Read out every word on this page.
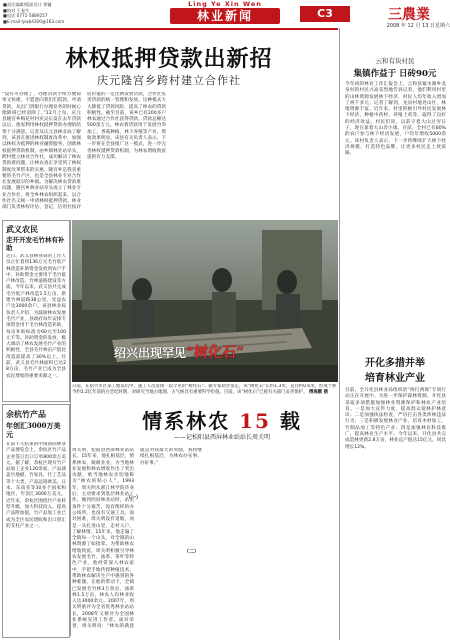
■责任编辑/版面设计 覃镛
■校对 王春生
■电话 0771-5889257
■E-mail:lywb4300@163.com
Ling Ye Xin Wen
林业新闻	C3	三農業
2008 年 12 月 13 日星期六
林权抵押贷款出新招
庆元隆宫乡跨村建立合作社
“没有可办理了，办理贷款手续方便简单又快捷，不愿意向我们们借款，申请贷款，从出门到银行办理业务的时候心理障碍已经消除了。”12月上旬，庆元县隆宫乡梅花村村民吴长发在去年贷款以后，他家利用林权抵押贷款办理的结果十分满意。记者从庆元县林业局了解到，该县在推进林权制度改革中，加强以林权为抵押的林业融资服务，创新林权抵押贷款机制，由乡镇林业站牵头，跨村建立林业合作社，成功解决了林农贷款难问题，让林农真正享受到了林权制度改革带来的实惠。隆宫乡是我省重要的毛竹产区，也是全县林业专业合作社发展较早的乡镇。为解决林农贷款难问题，隆宫乡林业站牵头成立了林业专业合作社，将全乡林农组织起来，以合作社名义统一申请林权抵押贷款。林业部门负责林权评估、登记，信用社按评估价值的一定比例发放贷款，合作社负责贷款的统一管理和发放。这种模式大大降低了贷款风险，提高了林农的贷款积极性。截至目前，该乡已有200多户林农通过合作社获得贷款，贷款总额达500余万元。林农将贷款用于发展竹笋加工、香菇种植、林下养殖等产业，增收效果明显。该县有关负责人表示，下一步将在全县推广这一模式，进一步完善林权抵押贷款机制，为林农增收致富提供有力支撑。
武义农民
走开开发毛竹林有补助
近日，武义县林业局的工作人员正忙着将136万元毛竹低产林改造补助资金发放到农户手中。补助资金主要用于毛竹低产林改造、竹林道路建设等方面。今年以来，武义县共完成毛竹低产林改造1.5万亩，新建竹林道路38公里，受益农户达3000余户。该县林业局负责人介绍，为鼓励林农发展毛竹产业，县政府每年安排专项资金用于毛竹林改造补助，每亩补助标准为60元至100元不等。补助资金的发放，极大调动了林农发展毛竹产业的积极性，全县毛竹林亩产值比改造前提高了30%以上。目前，武义县毛竹林面积已达28万亩，毛竹产业已成为全县农民增收的重要来源之一。
余杭竹产品
年创汇3000万美元
在前不久结束的中国国际林业产品博览会上，余杭区竹产品企业签订出口订单800余万美元。据了解，余杭区现有竹产品加工企业120余家，产品涵盖竹地板、竹家具、竹工艺品等十大类，产品远销欧美、日本、东南亚等30多个国家和地区，年创汇3000万美元。近年来，余杭区围绕竹产业转型升级，加大科技投入，提高产品附加值，竹产品加工业已成为全区农民增收和出口创汇的支柱产业之一。
绍兴出现罕见“树化石”
日前，在绍兴市区某工地基坑中，施工人员发现一段罕见的“树化石”。据专家初步鉴定，该“树化石”长约1.3米，直径约0.6米，形成于距今约1.2亿年前的白垩纪时期，对研究当地古地理、古气候具有重要科学价值。目前，该“树化石”已被有关部门妥善保护。 傅海鹏 摄
情系林农 15 载
——记松阳县西屏林业站站长周关明
（一）
（二）
周关明，松阳县西屏林业站站长。15年来，他扎根基层，情系林农，兢兢业业，为当地林业发展和林农增收作出了突出贡献，被当地林农亲切地称为“林农的贴心人”。1993年，周关明从浙江林学院毕业后，主动要求到基层林业站工作。刚到西屏林业站时，站里条件十分艰苦，没有像样的办公场所，也没有交通工具。面对困难，周关明没有退缩，而是一头扎进山里，走村入户，了解林情。15年来，他走遍了全镇每一个山头，对全镇的山林资源了如指掌。为帮助林农增收致富，周关明积极引导林农发展毛竹、油茶、茶叶等特色产业。他经常深入林农家中，手把手地传授种植技术，帮助林农解决生产中遇到的各种难题。在他的带动下，全镇已发展毛竹林3万余亩，油茶林1.5万亩，林农人均林业收入达3000余元。2007年，周关明被评为全省优秀林业站站长，2008年又被评为全国林业系统先进工作者。面对荣誉，周关明说：“林农的满意就是对我最大的奖励，我将继续扎根基层，为林农办实事、办好事。”
云和有块村民
集镇作益于 日砖90元
今年初的林业工作汇报会上，云和县紧水滩乡龙泉村的村民兴高采烈地告诉记者，他们利用村里的山林资源发展林下经济，村民人均年收入增加了两千多元。记者了解到，龙泉村地处山区，林地资源丰富。近年来，村里积极引导村民发展林下经济，种植中药材、养殖土鸡等，取得了良好的经济效益。村民们说，以前守着大山过穷日子，现在靠着大山奔小康。目前，全村已有80%的农户参与林下经济发展，户均年增收5000余元。该村负责人表示，下一步将继续扩大林下经济规模，打造特色品牌，让更多村民走上致富路。
开化多措并举
培育林业产业
目前，全开化县林业局组织的“两打两保”专项行动正在开展中。为进一步保护森林资源，开化县采取多项措施加强林业资源保护和林业产业培育。一是加大宣传力度，提高群众爱林护林意识；二是加强执法检查，严厉打击各类涉林违法行为；三是积极发展林业产业，培育木材加工、竹制品加工等特色产业；四是加强林业科技推广，提高林业生产水平。今年以来，开化县共完成造林更新2.8万亩，林业总产值达15亿元，同比增长12%。
